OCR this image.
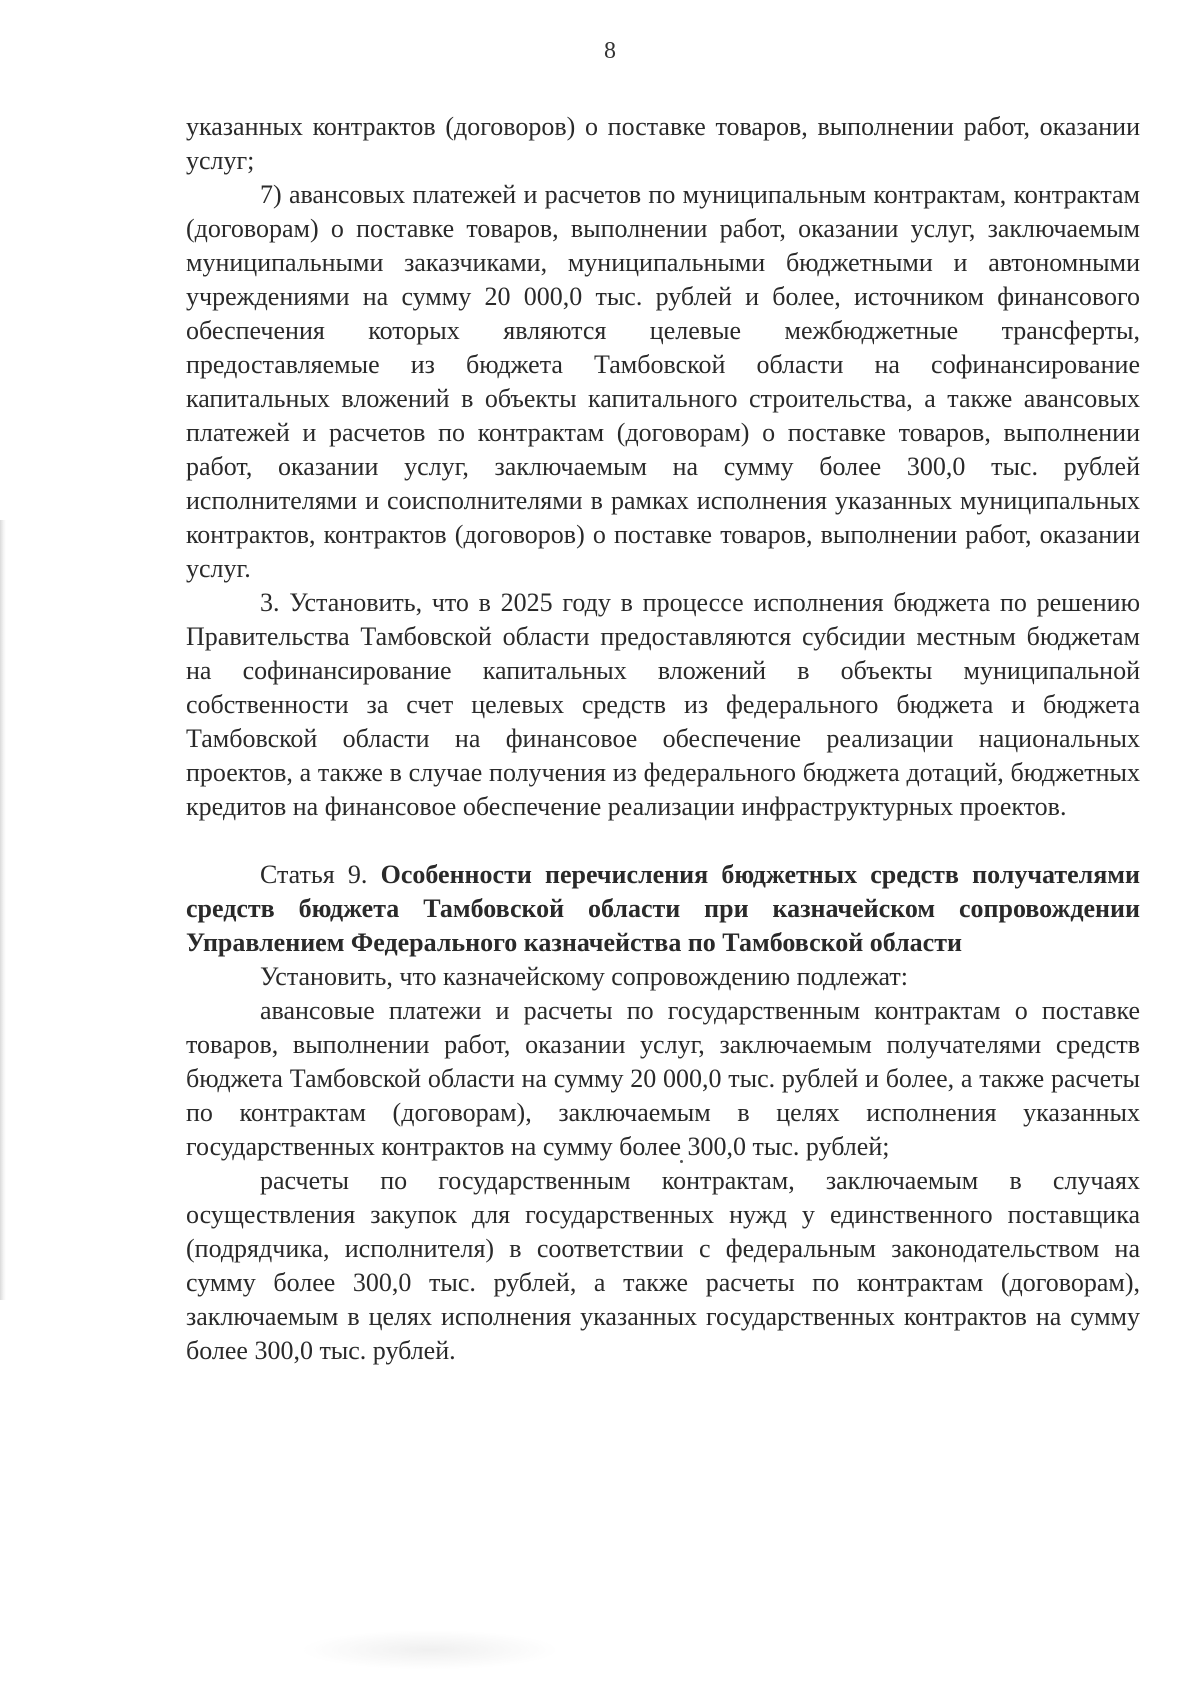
8

указанных контрактов (договоров) о поставке товаров, выполнении работ, оказании услуг;

7) авансовых платежей и расчетов по муниципальным контрактам, контрактам (договорам) о поставке товаров, выполнении работ, оказании услуг, заключаемым муниципальными заказчиками, муниципальными бюджетными и автономными учреждениями на сумму 20 000,0 тыс. рублей и более, источником финансового обеспечения которых являются целевые межбюджетные трансферты, предоставляемые из бюджета Тамбовской области на софинансирование капитальных вложений в объекты капитального строительства, а также авансовых платежей и расчетов по контрактам (договорам) о поставке товаров, выполнении работ, оказании услуг, заключаемым на сумму более 300,0 тыс. рублей исполнителями и соисполнителями в рамках исполнения указанных муниципальных контрактов, контрактов (договоров) о поставке товаров, выполнении работ, оказании услуг.

3. Установить, что в 2025 году в процессе исполнения бюджета по решению Правительства Тамбовской области предоставляются субсидии местным бюджетам на софинансирование капитальных вложений в объекты муниципальной собственности за счет целевых средств из федерального бюджета и бюджета Тамбовской области на финансовое обеспечение реализации национальных проектов, а также в случае получения из федерального бюджета дотаций, бюджетных кредитов на финансовое обеспечение реализации инфраструктурных проектов.

Статья 9. Особенности перечисления бюджетных средств получателями средств бюджета Тамбовской области при казначейском сопровождении Управлением Федерального казначейства по Тамбовской области

Установить, что казначейскому сопровождению подлежат:

авансовые платежи и расчеты по государственным контрактам о поставке товаров, выполнении работ, оказании услуг, заключаемым получателями средств бюджета Тамбовской области на сумму 20 000,0 тыс. рублей и более, а также расчеты по контрактам (договорам), заключаемым в целях исполнения указанных государственных контрактов на сумму более 300,0 тыс. рублей;

расчеты по государственным контрактам, заключаемым в случаях осуществления закупок для государственных нужд у единственного поставщика (подрядчика, исполнителя) в соответствии с федеральным законодательством на сумму более 300,0 тыс. рублей, а также расчеты по контрактам (договорам), заключаемым в целях исполнения указанных государственных контрактов на сумму более 300,0 тыс. рублей.
